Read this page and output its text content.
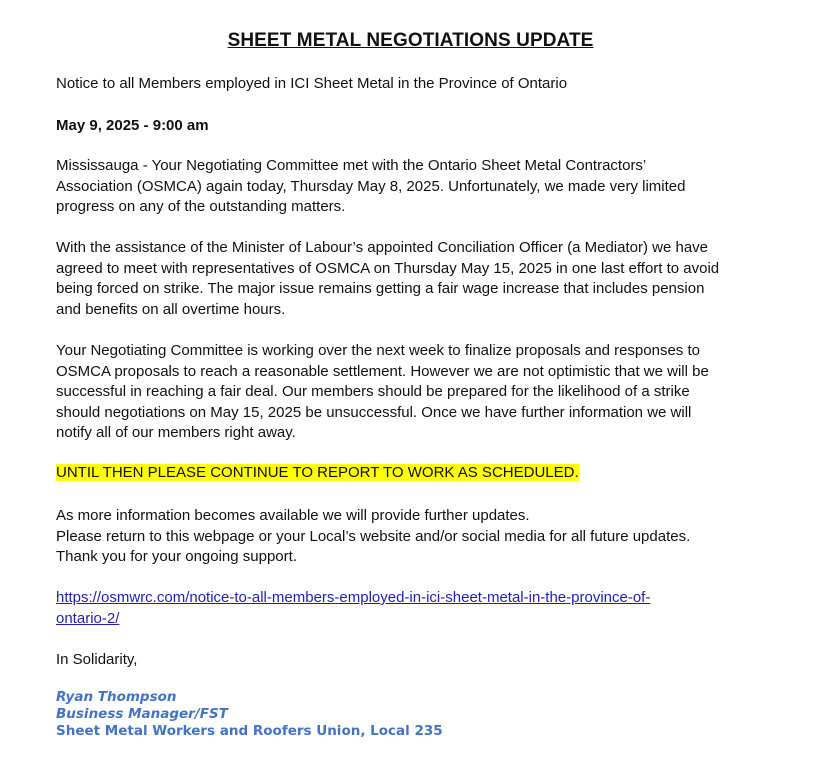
SHEET METAL NEGOTIATIONS UPDATE
Notice to all Members employed in ICI Sheet Metal in the Province of Ontario
May 9, 2025 - 9:00 am
Mississauga - Your Negotiating Committee met with the Ontario Sheet Metal Contractors’
Association (OSMCA) again today, Thursday May 8, 2025. Unfortunately, we made very limited
progress on any of the outstanding matters.
With the assistance of the Minister of Labour’s appointed Conciliation Officer (a Mediator) we have
agreed to meet with representatives of OSMCA on Thursday May 15, 2025 in one last effort to avoid
being forced on strike. The major issue remains getting a fair wage increase that includes pension
and benefits on all overtime hours.
Your Negotiating Committee is working over the next week to finalize proposals and responses to
OSMCA proposals to reach a reasonable settlement. However we are not optimistic that we will be
successful in reaching a fair deal. Our members should be prepared for the likelihood of a strike
should negotiations on May 15, 2025 be unsuccessful. Once we have further information we will
notify all of our members right away.
UNTIL THEN PLEASE CONTINUE TO REPORT TO WORK AS SCHEDULED.
As more information becomes available we will provide further updates.
Please return to this webpage or your Local’s website and/or social media for all future updates.
Thank you for your ongoing support.
https://osmwrc.com/notice-to-all-members-employed-in-ici-sheet-metal-in-the-province-of-
ontario-2/
In Solidarity,
Ryan Thompson
Business Manager/FST
Sheet Metal Workers and Roofers Union, Local 235
